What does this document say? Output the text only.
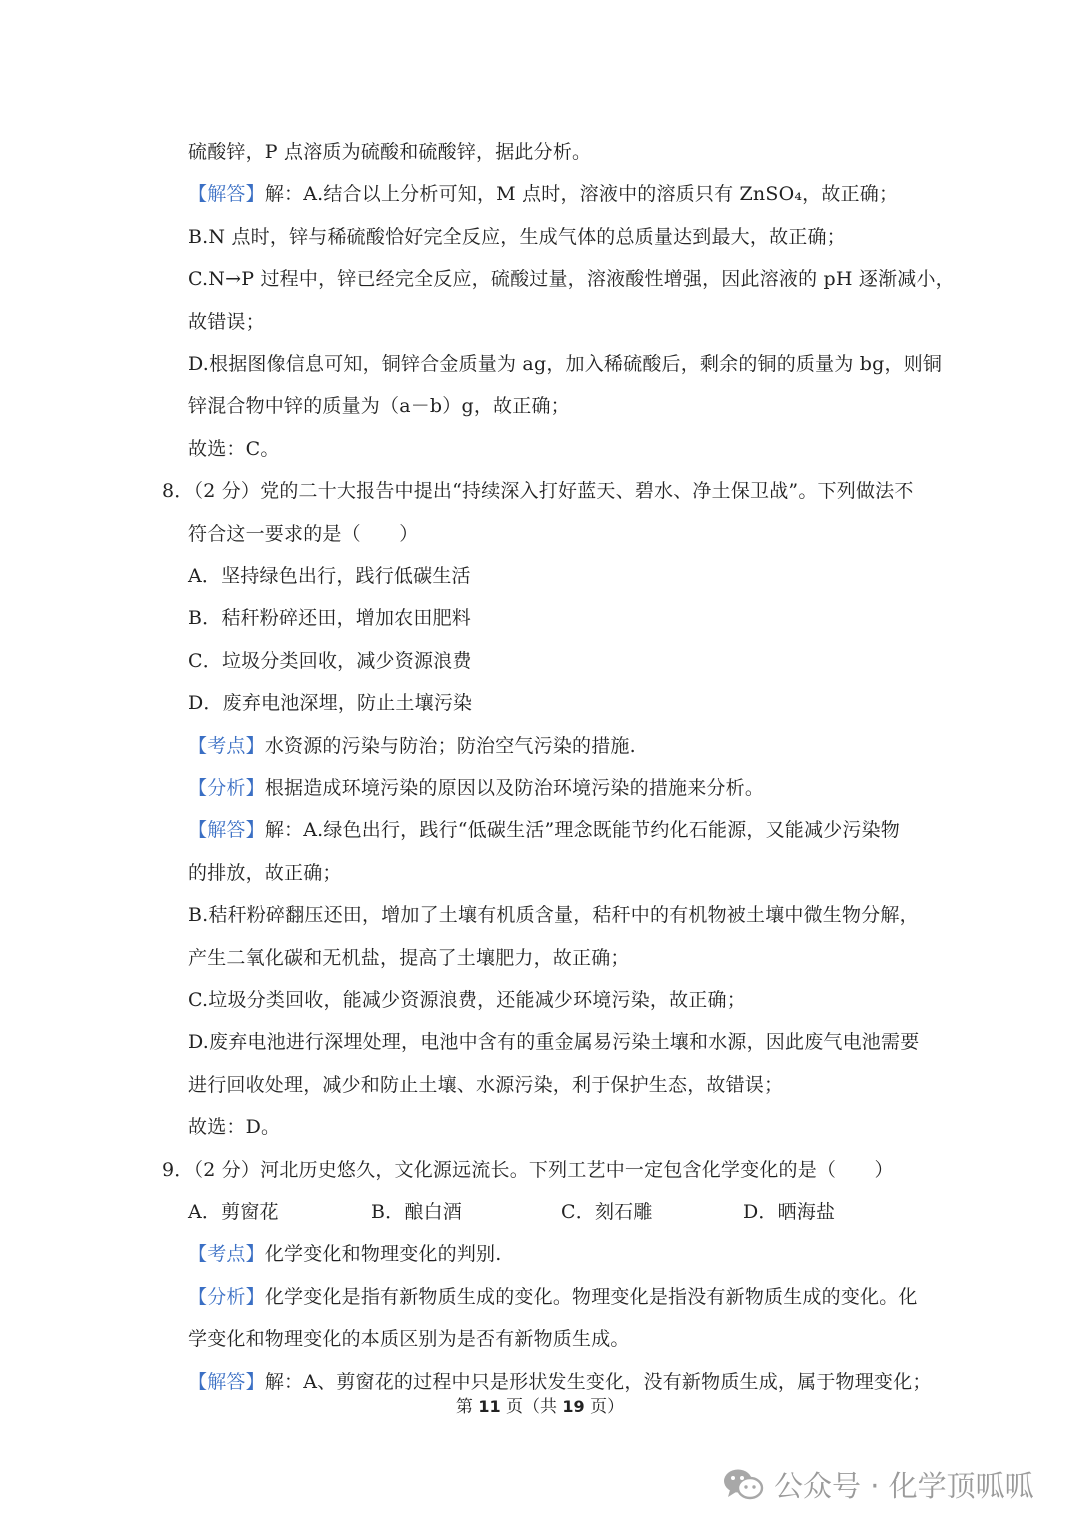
硫酸锌，P 点溶质为硫酸和硫酸锌，据此分析。
【解答】解：A.结合以上分析可知，M 点时，溶液中的溶质只有 ZnSO₄，故正确；
B.N 点时，锌与稀硫酸恰好完全反应，生成气体的总质量达到最大，故正确；
C.N→P 过程中，锌已经完全反应，硫酸过量，溶液酸性增强，因此溶液的 pH 逐渐减小，
故错误；
D.根据图像信息可知，铜锌合金质量为 ag，加入稀硫酸后，剩余的铜的质量为 bg，则铜
锌混合物中锌的质量为（a－b）g，故正确；
故选：C。
8．（2 分）党的二十大报告中提出“持续深入打好蓝天、碧水、净土保卫战”。下列做法不
符合这一要求的是（　　）
A．坚持绿色出行，践行低碳生活
B．秸秆粉碎还田，增加农田肥料
C．垃圾分类回收，减少资源浪费
D．废弃电池深埋，防止土壤污染
【考点】水资源的污染与防治；防治空气污染的措施.
【分析】根据造成环境污染的原因以及防治环境污染的措施来分析。
【解答】解：A.绿色出行，践行“低碳生活”理念既能节约化石能源，又能减少污染物
的排放，故正确；
B.秸秆粉碎翻压还田，增加了土壤有机质含量，秸秆中的有机物被土壤中微生物分解，
产生二氧化碳和无机盐，提高了土壤肥力，故正确；
C.垃圾分类回收，能减少资源浪费，还能减少环境污染，故正确；
D.废弃电池进行深埋处理，电池中含有的重金属易污染土壤和水源，因此废气电池需要
进行回收处理，减少和防止土壤、水源污染，利于保护生态，故错误；
故选：D。
9．（2 分）河北历史悠久，文化源远流长。下列工艺中一定包含化学变化的是（　　）
A．剪窗花	B．酿白酒	C．刻石雕	D．晒海盐
【考点】化学变化和物理变化的判别.
【分析】化学变化是指有新物质生成的变化。物理变化是指没有新物质生成的变化。化
学变化和物理变化的本质区别为是否有新物质生成。
【解答】解：A、剪窗花的过程中只是形状发生变化，没有新物质生成，属于物理变化；
第 11 页（共 19 页）
公众号 · 化学顶呱呱
